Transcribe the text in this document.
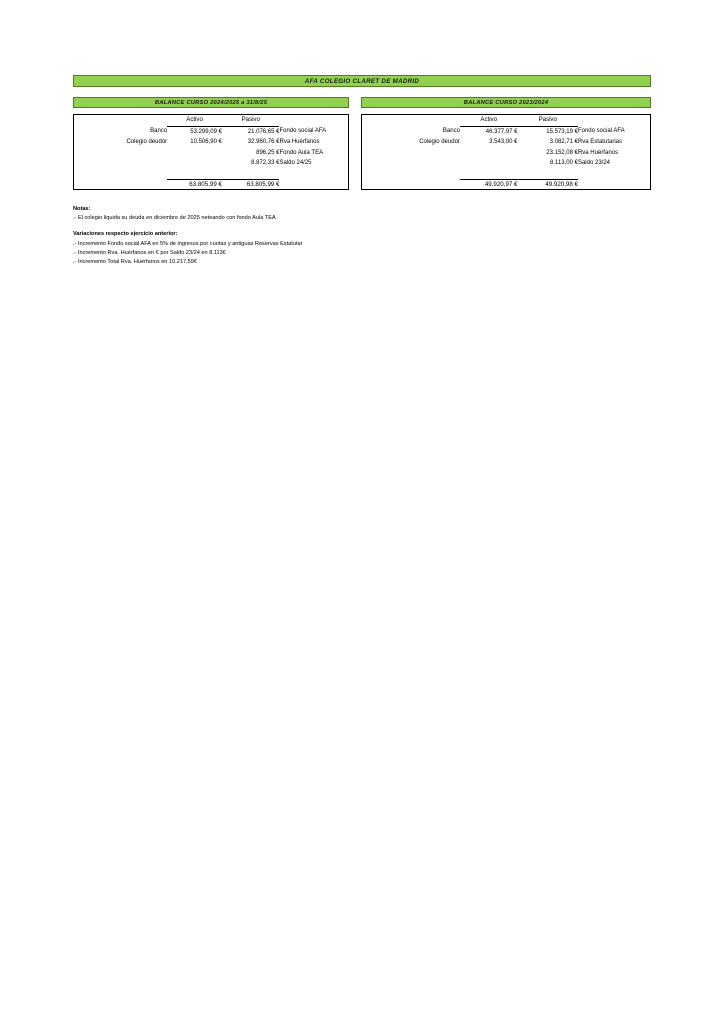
AFA COLEGIO CLARET DE MADRID
BALANCE CURSO 2024/2025 a 31/8/25	BALANCE CURSO 2023/2024
	Activo	Pasivo	
Banco	53.299,09 €	21.076,65 €	Fondo social AFA
Colegio deudor	10.506,90 €	32.960,76 €	Rva Huérfanos
		896,25 €	Fondo Aula TEA
		8.872,33 €	Saldo 24/25

	63.805,99 €	63.805,99 €	
	Activo	Pasivo	
Banco	46.377,97 €	15.573,19 €	Fondo social AFA
Colegio deudor	3.543,00 €	3.082,71 €	Rva Estatutarias
		23.152,08 €	Rva Huérfanos
		8.113,00 €	Saldo 23/24

	49.920,97 €	49.920,98 €	
Notas:
.- El colegio liquida su deuda en diciembre de 2025 neteando con fondo Aula TEA
Variaciones respecto ejercicio anterior:
.- Incremento Fondo social AFA en 5% de ingresos por cuotas y antiguas Reservas Estatutar
.- Incremento Rva. Huérfanos en € por Saldo 23/24 en 8.113€
.- Incremento Total Rva. Huérfanos en 10.217,59€
